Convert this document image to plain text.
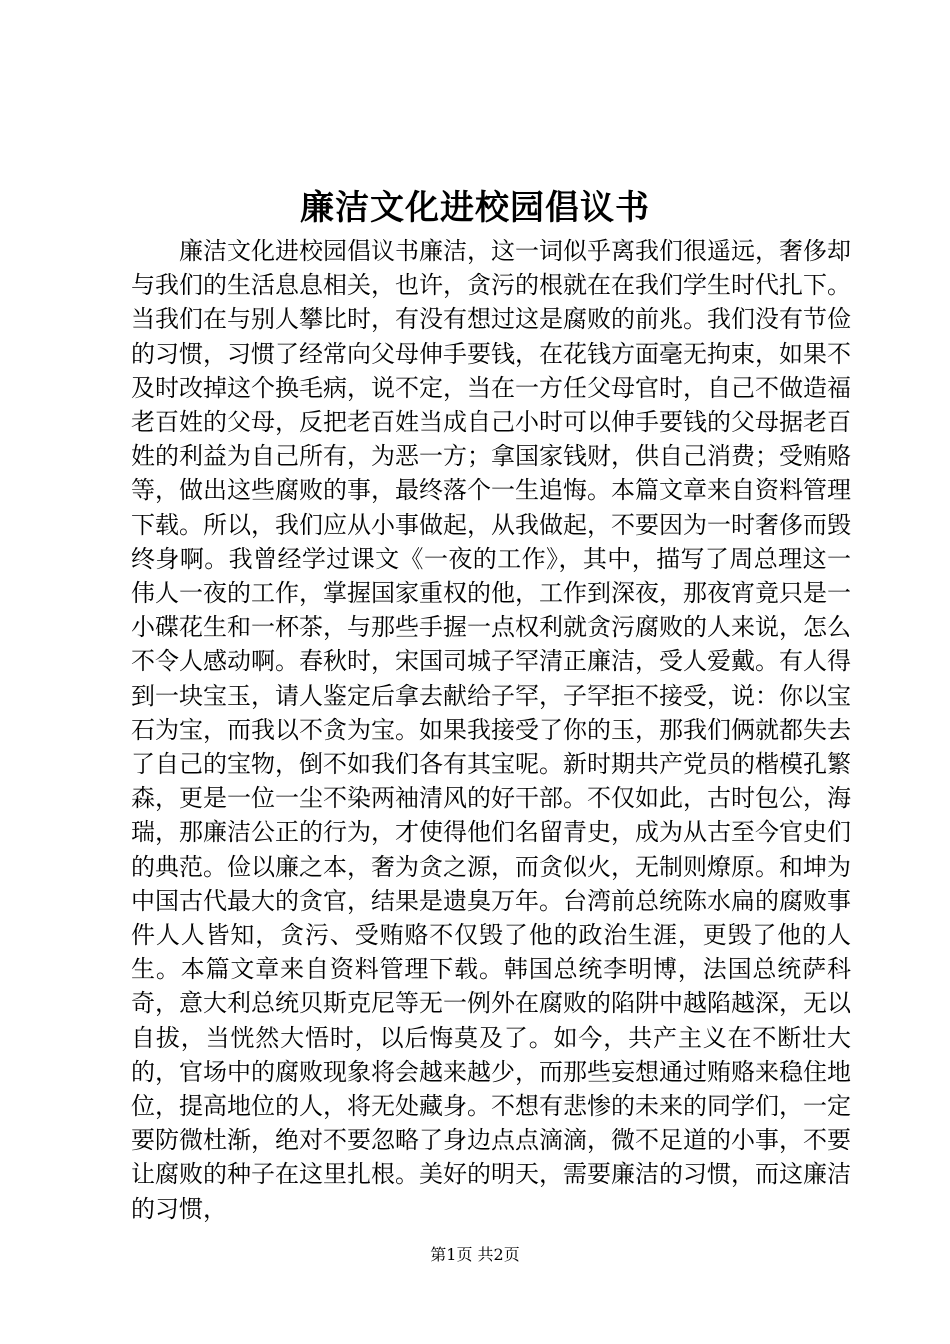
廉洁文化进校园倡议书

廉洁文化进校园倡议书廉洁，这一词似乎离我们很遥远，奢侈却与我们的生活息息相关，也许，贪污的根就在在我们学生时代扎下。当我们在与别人攀比时，有没有想过这是腐败的前兆。我们没有节俭的习惯，习惯了经常向父母伸手要钱，在花钱方面毫无拘束，如果不及时改掉这个换毛病，说不定，当在一方任父母官时，自己不做造福老百姓的父母，反把老百姓当成自己小时可以伸手要钱的父母据老百姓的利益为自己所有，为恶一方；拿国家钱财，供自己消费；受贿赂等，做出这些腐败的事，最终落个一生追悔。本篇文章来自资料管理下载。所以，我们应从小事做起，从我做起，不要因为一时奢侈而毁终身啊。我曾经学过课文《一夜的工作》，其中，描写了周总理这一伟人一夜的工作，掌握国家重权的他，工作到深夜，那夜宵竟只是一小碟花生和一杯茶，与那些手握一点权利就贪污腐败的人来说，怎么不令人感动啊。春秋时，宋国司城子罕清正廉洁，受人爱戴。有人得到一块宝玉，请人鉴定后拿去献给子罕，子罕拒不接受，说：你以宝石为宝，而我以不贪为宝。如果我接受了你的玉，那我们俩就都失去了自己的宝物，倒不如我们各有其宝呢。新时期共产党员的楷模孔繁森，更是一位一尘不染两袖清风的好干部。不仅如此，古时包公，海瑞，那廉洁公正的行为，才使得他们名留青史，成为从古至今官史们的典范。俭以廉之本，奢为贪之源，而贪似火，无制则燎原。和坤为中国古代最大的贪官，结果是遗臭万年。台湾前总统陈水扁的腐败事件人人皆知，贪污、受贿赂不仅毁了他的政治生涯，更毁了他的人生。本篇文章来自资料管理下载。韩国总统李明博，法国总统萨科奇，意大利总统贝斯克尼等无一例外在腐败的陷阱中越陷越深，无以自拔，当恍然大悟时，以后悔莫及了。如今，共产主义在不断壮大的，官场中的腐败现象将会越来越少，而那些妄想通过贿赂来稳住地位，提高地位的人，将无处藏身。不想有悲惨的未来的同学们，一定要防微杜渐，绝对不要忽略了身边点点滴滴，微不足道的小事，不要让腐败的种子在这里扎根。美好的明天，需要廉洁的习惯，而这廉洁的习惯，

第1页 共2页
